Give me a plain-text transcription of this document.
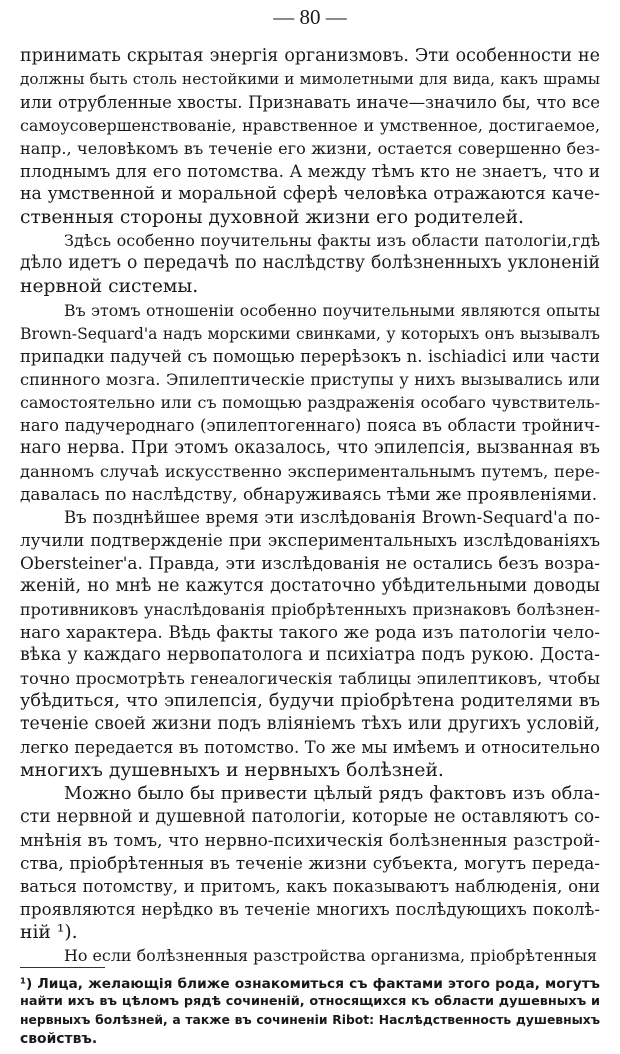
— 80 —
принимать скрытая энергія организмовъ. Эти особенности не
должны быть столь нестойкими и мимолетными для вида, какъ шрамы
или отрубленные хвосты. Признавать иначе—значило бы, что все
самоусовершенствованіе, нравственное и умственное, достигаемое,
напр., человѣкомъ въ теченіе его жизни, остается совершенно без-
плоднымъ для его потомства. А между тѣмъ кто не знаетъ, что и
на умственной и моральной сферѣ человѣка отражаются каче-
ственныя стороны духовной жизни его родителей.
Здѣсь особенно поучительны факты изъ области патологіи,гдѣ
дѣло идетъ о передачѣ по наслѣдству болѣзненныхъ уклоненій
нервной системы.
Въ этомъ отношеніи особенно поучительными являются опыты
Brown-Sequard'а надъ морскими свинками, у которыхъ онъ вызывалъ
припадки падучей съ помощью перерѣзокъ n. ischiadici или части
спинного мозга. Эпилептическіе приступы у нихъ вызывались или
самостоятельно или съ помощью раздраженія особаго чувствитель-
наго падучероднаго (эпилептогеннаго) пояса въ области тройнич-
наго нерва. При этомъ оказалось, что эпилепсія, вызванная въ
данномъ случаѣ искусственно экспериментальнымъ путемъ, пере-
давалась по наслѣдству, обнаруживаясь тѣми же проявленіями.
Въ позднѣйшее время эти изслѣдованія Brown-Sequard'а по-
лучили подтвержденіе при экспериментальныхъ изслѣдованіяхъ
Obersteiner'а. Правда, эти изслѣдованія не остались безъ возра-
женій, но мнѣ не кажутся достаточно убѣдительными доводы
противниковъ унаслѣдованія пріобрѣтенныхъ признаковъ болѣзнен-
наго характера. Вѣдь факты такого же рода изъ патологіи чело-
вѣка у каждаго нервопатолога и психіатра подъ рукою. Доста-
точно просмотрѣть генеалогическія таблицы эпилептиковъ, чтобы
убѣдиться, что эпилепсія, будучи пріобрѣтена родителями въ
теченіе своей жизни подъ вліяніемъ тѣхъ или другихъ условій,
легко передается въ потомство. То же мы имѣемъ и относительно
многихъ душевныхъ и нервныхъ болѣзней.
Можно было бы привести цѣлый рядъ фактовъ изъ обла-
сти нервной и душевной патологіи, которые не оставляютъ со-
мнѣнія въ томъ, что нервно-психическія болѣзненныя разстрой-
ства, пріобрѣтенныя въ теченіе жизни субъекта, могутъ переда-
ваться потомству, и притомъ, какъ показываютъ наблюденія, они
проявляются нерѣдко въ теченіе многихъ послѣдующихъ поколѣ-
ній ¹).
Но если болѣзненныя разстройства организма, пріобрѣтенныя
¹) Лица, желающія ближе ознакомиться съ фактами этого рода, могутъ
найти ихъ въ цѣломъ рядѣ сочиненій, относящихся къ области душевныхъ и
нервныхъ болѣзней, а также въ сочиненіи Ribot: Наслѣдственность душевныхъ
свойствъ.
